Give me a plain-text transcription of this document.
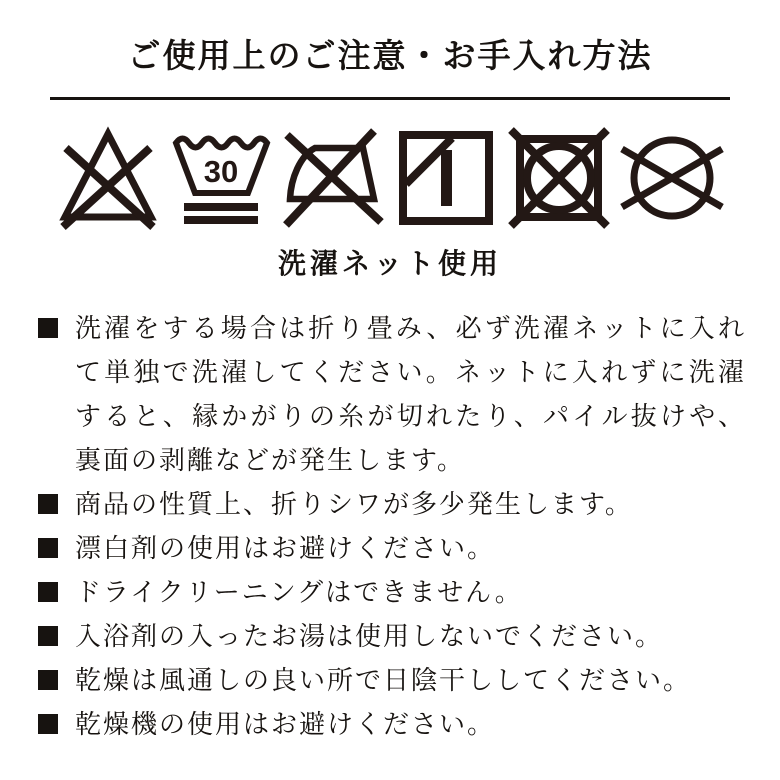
ご使用上のご注意・お手入れ方法
30
洗濯ネット使用
洗濯をする場合は折り畳み、必ず洗濯ネットに入れて単独で洗濯してください。ネットに入れずに洗濯すると、縁かがりの糸が切れたり、パイル抜けや、裏面の剥離などが発生します。
商品の性質上、折りシワが多少発生します。
漂白剤の使用はお避けください。
ドライクリーニングはできません。
入浴剤の入ったお湯は使用しないでください。
乾燥は風通しの良い所で日陰干ししてください。
乾燥機の使用はお避けください。
